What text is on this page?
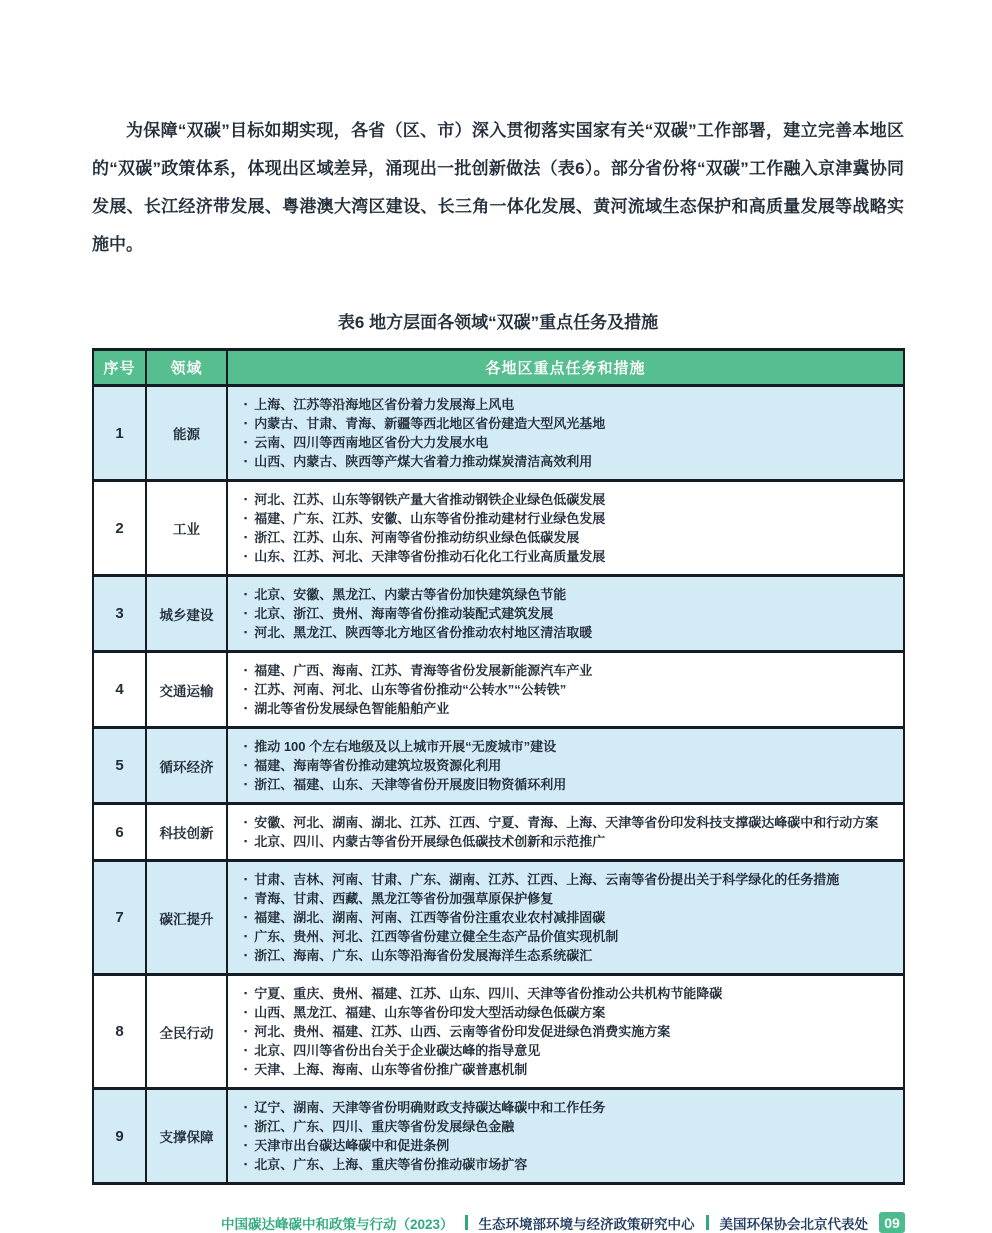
为保障“双碳”目标如期实现，各省（区、市）深入贯彻落实国家有关“双碳”工作部署，建立完善本地区的“双碳”政策体系，体现出区域差异，涌现出一批创新做法（表6）。部分省份将“双碳”工作融入京津冀协同发展、长江经济带发展、粤港澳大湾区建设、长三角一体化发展、黄河流域生态保护和高质量发展等战略实施中。

表6 地方层面各领域“双碳”重点任务及措施
序号	领域	各地区重点任务和措施
1	能源	
▪ 上海、江苏等沿海地区省份着力发展海上风电
▪ 内蒙古、甘肃、青海、新疆等西北地区省份建造大型风光基地
▪ 云南、四川等西南地区省份大力发展水电
▪ 山西、内蒙古、陕西等产煤大省着力推动煤炭清洁高效利用

2	工业	
▪ 河北、江苏、山东等钢铁产量大省推动钢铁企业绿色低碳发展
▪ 福建、广东、江苏、安徽、山东等省份推动建材行业绿色发展
▪ 浙江、江苏、山东、河南等省份推动纺织业绿色低碳发展
▪ 山东、江苏、河北、天津等省份推动石化化工行业高质量发展

3	城乡建设	
▪ 北京、安徽、黑龙江、内蒙古等省份加快建筑绿色节能
▪ 北京、浙江、贵州、海南等省份推动装配式建筑发展
▪ 河北、黑龙江、陕西等北方地区省份推动农村地区清洁取暖

4	交通运输	
▪ 福建、广西、海南、江苏、青海等省份发展新能源汽车产业
▪ 江苏、河南、河北、山东等省份推动“公转水”“公转铁”
▪ 湖北等省份发展绿色智能船舶产业

5	循环经济	
▪ 推动 100 个左右地级及以上城市开展“无废城市”建设
▪ 福建、海南等省份推动建筑垃圾资源化利用
▪ 浙江、福建、山东、天津等省份开展废旧物资循环利用

6	科技创新	
▪ 安徽、河北、湖南、湖北、江苏、江西、宁夏、青海、上海、天津等省份印发科技支撑碳达峰碳中和行动方案
▪ 北京、四川、内蒙古等省份开展绿色低碳技术创新和示范推广

7	碳汇提升	
▪ 甘肃、吉林、河南、甘肃、广东、湖南、江苏、江西、上海、云南等省份提出关于科学绿化的任务措施
▪ 青海、甘肃、西藏、黑龙江等省份加强草原保护修复
▪ 福建、湖北、湖南、河南、江西等省份注重农业农村减排固碳
▪ 广东、贵州、河北、江西等省份建立健全生态产品价值实现机制
▪ 浙江、海南、广东、山东等沿海省份发展海洋生态系统碳汇

8	全民行动	
▪ 宁夏、重庆、贵州、福建、江苏、山东、四川、天津等省份推动公共机构节能降碳
▪ 山西、黑龙江、福建、山东等省份印发大型活动绿色低碳方案
▪ 河北、贵州、福建、江苏、山西、云南等省份印发促进绿色消费实施方案
▪ 北京、四川等省份出台关于企业碳达峰的指导意见
▪ 天津、上海、海南、山东等省份推广碳普惠机制

9	支撑保障	
▪ 辽宁、湖南、天津等省份明确财政支持碳达峰碳中和工作任务
▪ 浙江、广东、四川、重庆等省份发展绿色金融
▪ 天津市出台碳达峰碳中和促进条例
▪ 北京、广东、上海、重庆等省份推动碳市场扩容
中国碳达峰碳中和政策与行动（2023） 生态环境部环境与经济政策研究中心 美国环保协会北京代表处	09
